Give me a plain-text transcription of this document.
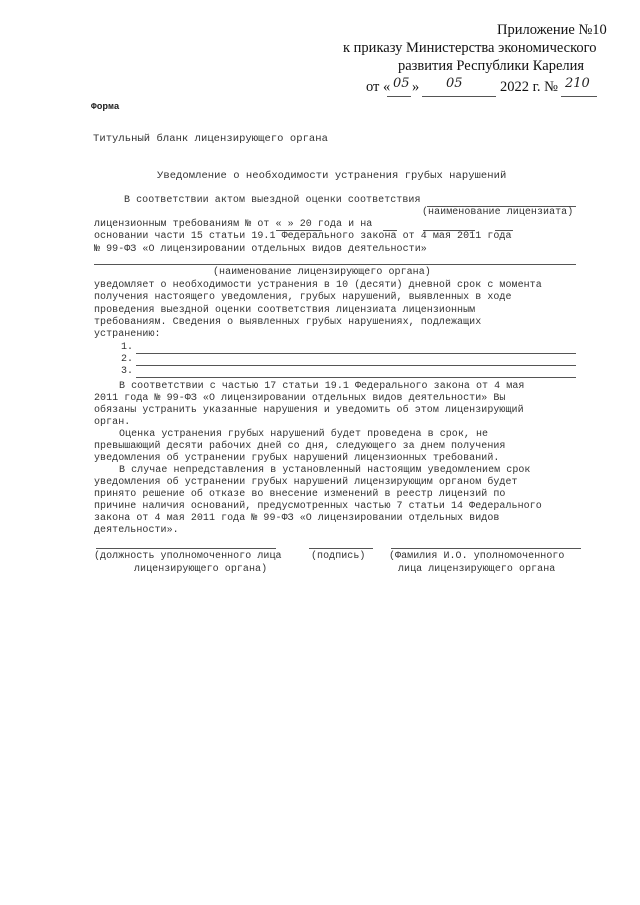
Приложение №10
к приказу Министерства экономического
развития Республики Карелия
от « 05 » 05	2022 г. № 210
Форма
Титульный бланк лицензирующего органа
Уведомление о необходимости устранения грубых нарушений
В соответствии актом выездной оценки соответствия
(наименование лицензиата)
лицензионным требованиям № от « » 20 года и на
основании части 15 статьи 19.1 Федерального закона от 4 мая 2011 года
№ 99-ФЗ «О лицензировании отдельных видов деятельности»
(наименование лицензирующего органа)
уведомляет о необходимости устранения в 10 (десяти) дневной срок с момента
получения настоящего уведомления, грубых нарушений, выявленных в ходе
проведения выездной оценки соответствия лицензиата лицензионным
требованиям. Сведения о выявленных грубых нарушениях, подлежащих
устранению:
1.
2.
3.
В соответствии с частью 17 статьи 19.1 Федерального закона от 4 мая
2011 года № 99-ФЗ «О лицензировании отдельных видов деятельности» Вы
обязаны устранить указанные нарушения и уведомить об этом лицензирующий
орган.
Оценка устранения грубых нарушений будет проведена в срок, не
превышающий десяти рабочих дней со дня, следующего за днем получения
уведомления об устранении грубых нарушений лицензионных требований.
В случае непредставления в установленный настоящим уведомлением срок
уведомления об устранении грубых нарушений лицензирующим органом будет
принято решение об отказе во внесение изменений в реестр лицензий по
причине наличия оснований, предусмотренных частью 7 статьи 14 Федерального
закона от 4 мая 2011 года № 99-ФЗ «О лицензировании отдельных видов
деятельности».
(должность уполномоченного лица	(подпись) (Фамилия И.О. уполномоченного
лицензирующего органа)	лица лицензирующего органа
